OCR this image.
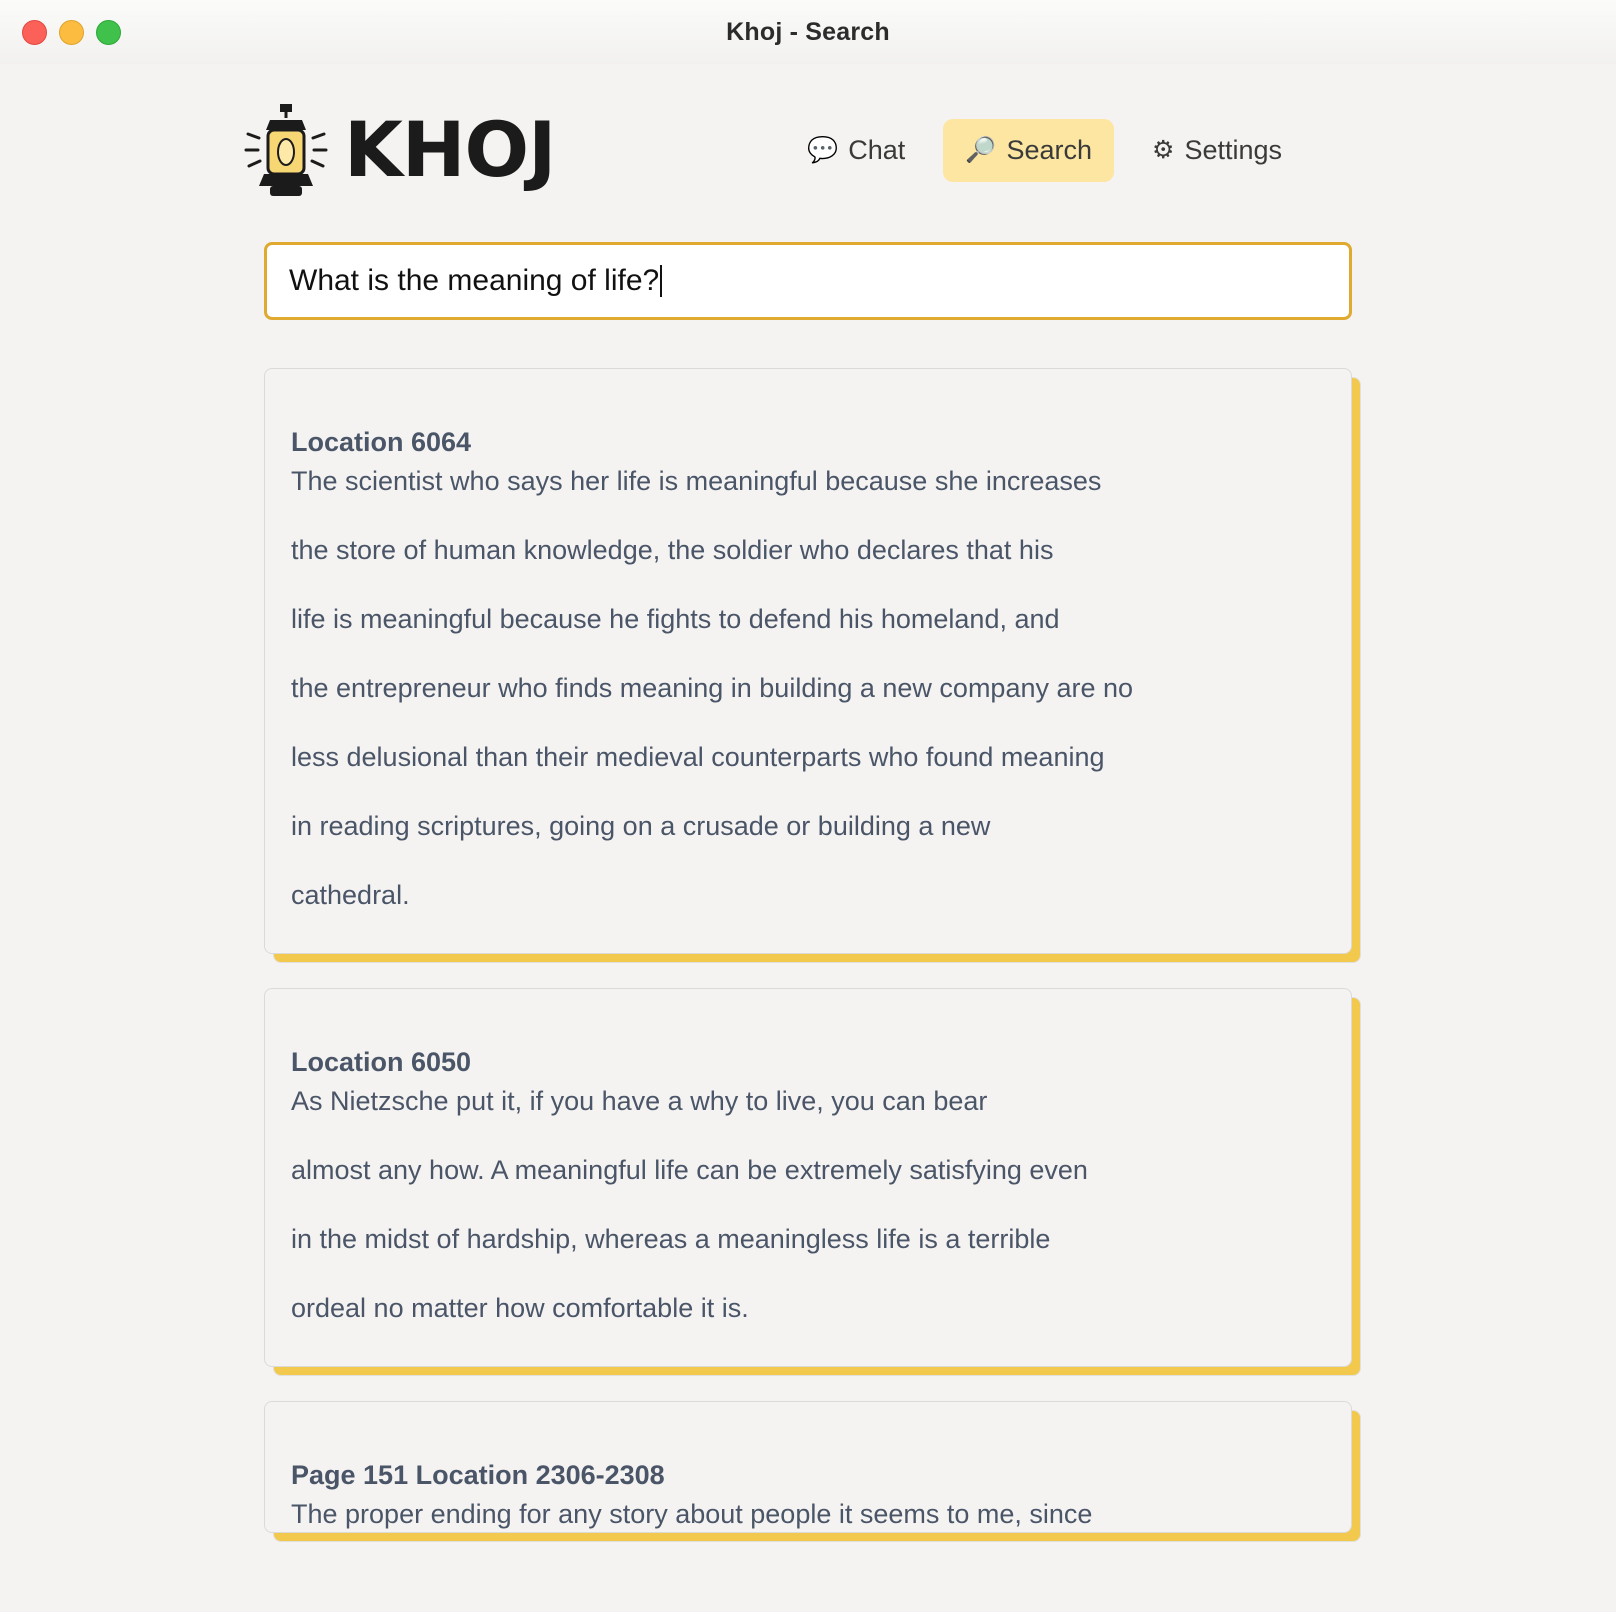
Khoj - Search
KHOJ	💬 Chat 🔎 Search ⚙ Settings
What is the meaning of life?
Location 6064

The scientist who says her life is meaningful because she increases

the store of human knowledge, the soldier who declares that his

life is meaningful because he fights to defend his homeland, and

the entrepreneur who finds meaning in building a new company are no

less delusional than their medieval counterparts who found meaning

in reading scriptures, going on a crusade or building a new

cathedral.

Location 6050

As Nietzsche put it, if you have a why to live, you can bear

almost any how. A meaningful life can be extremely satisfying even

in the midst of hardship, whereas a meaningless life is a terrible

ordeal no matter how comfortable it is.

Page 151 Location 2306-2308

The proper ending for any story about people it seems to me, since
